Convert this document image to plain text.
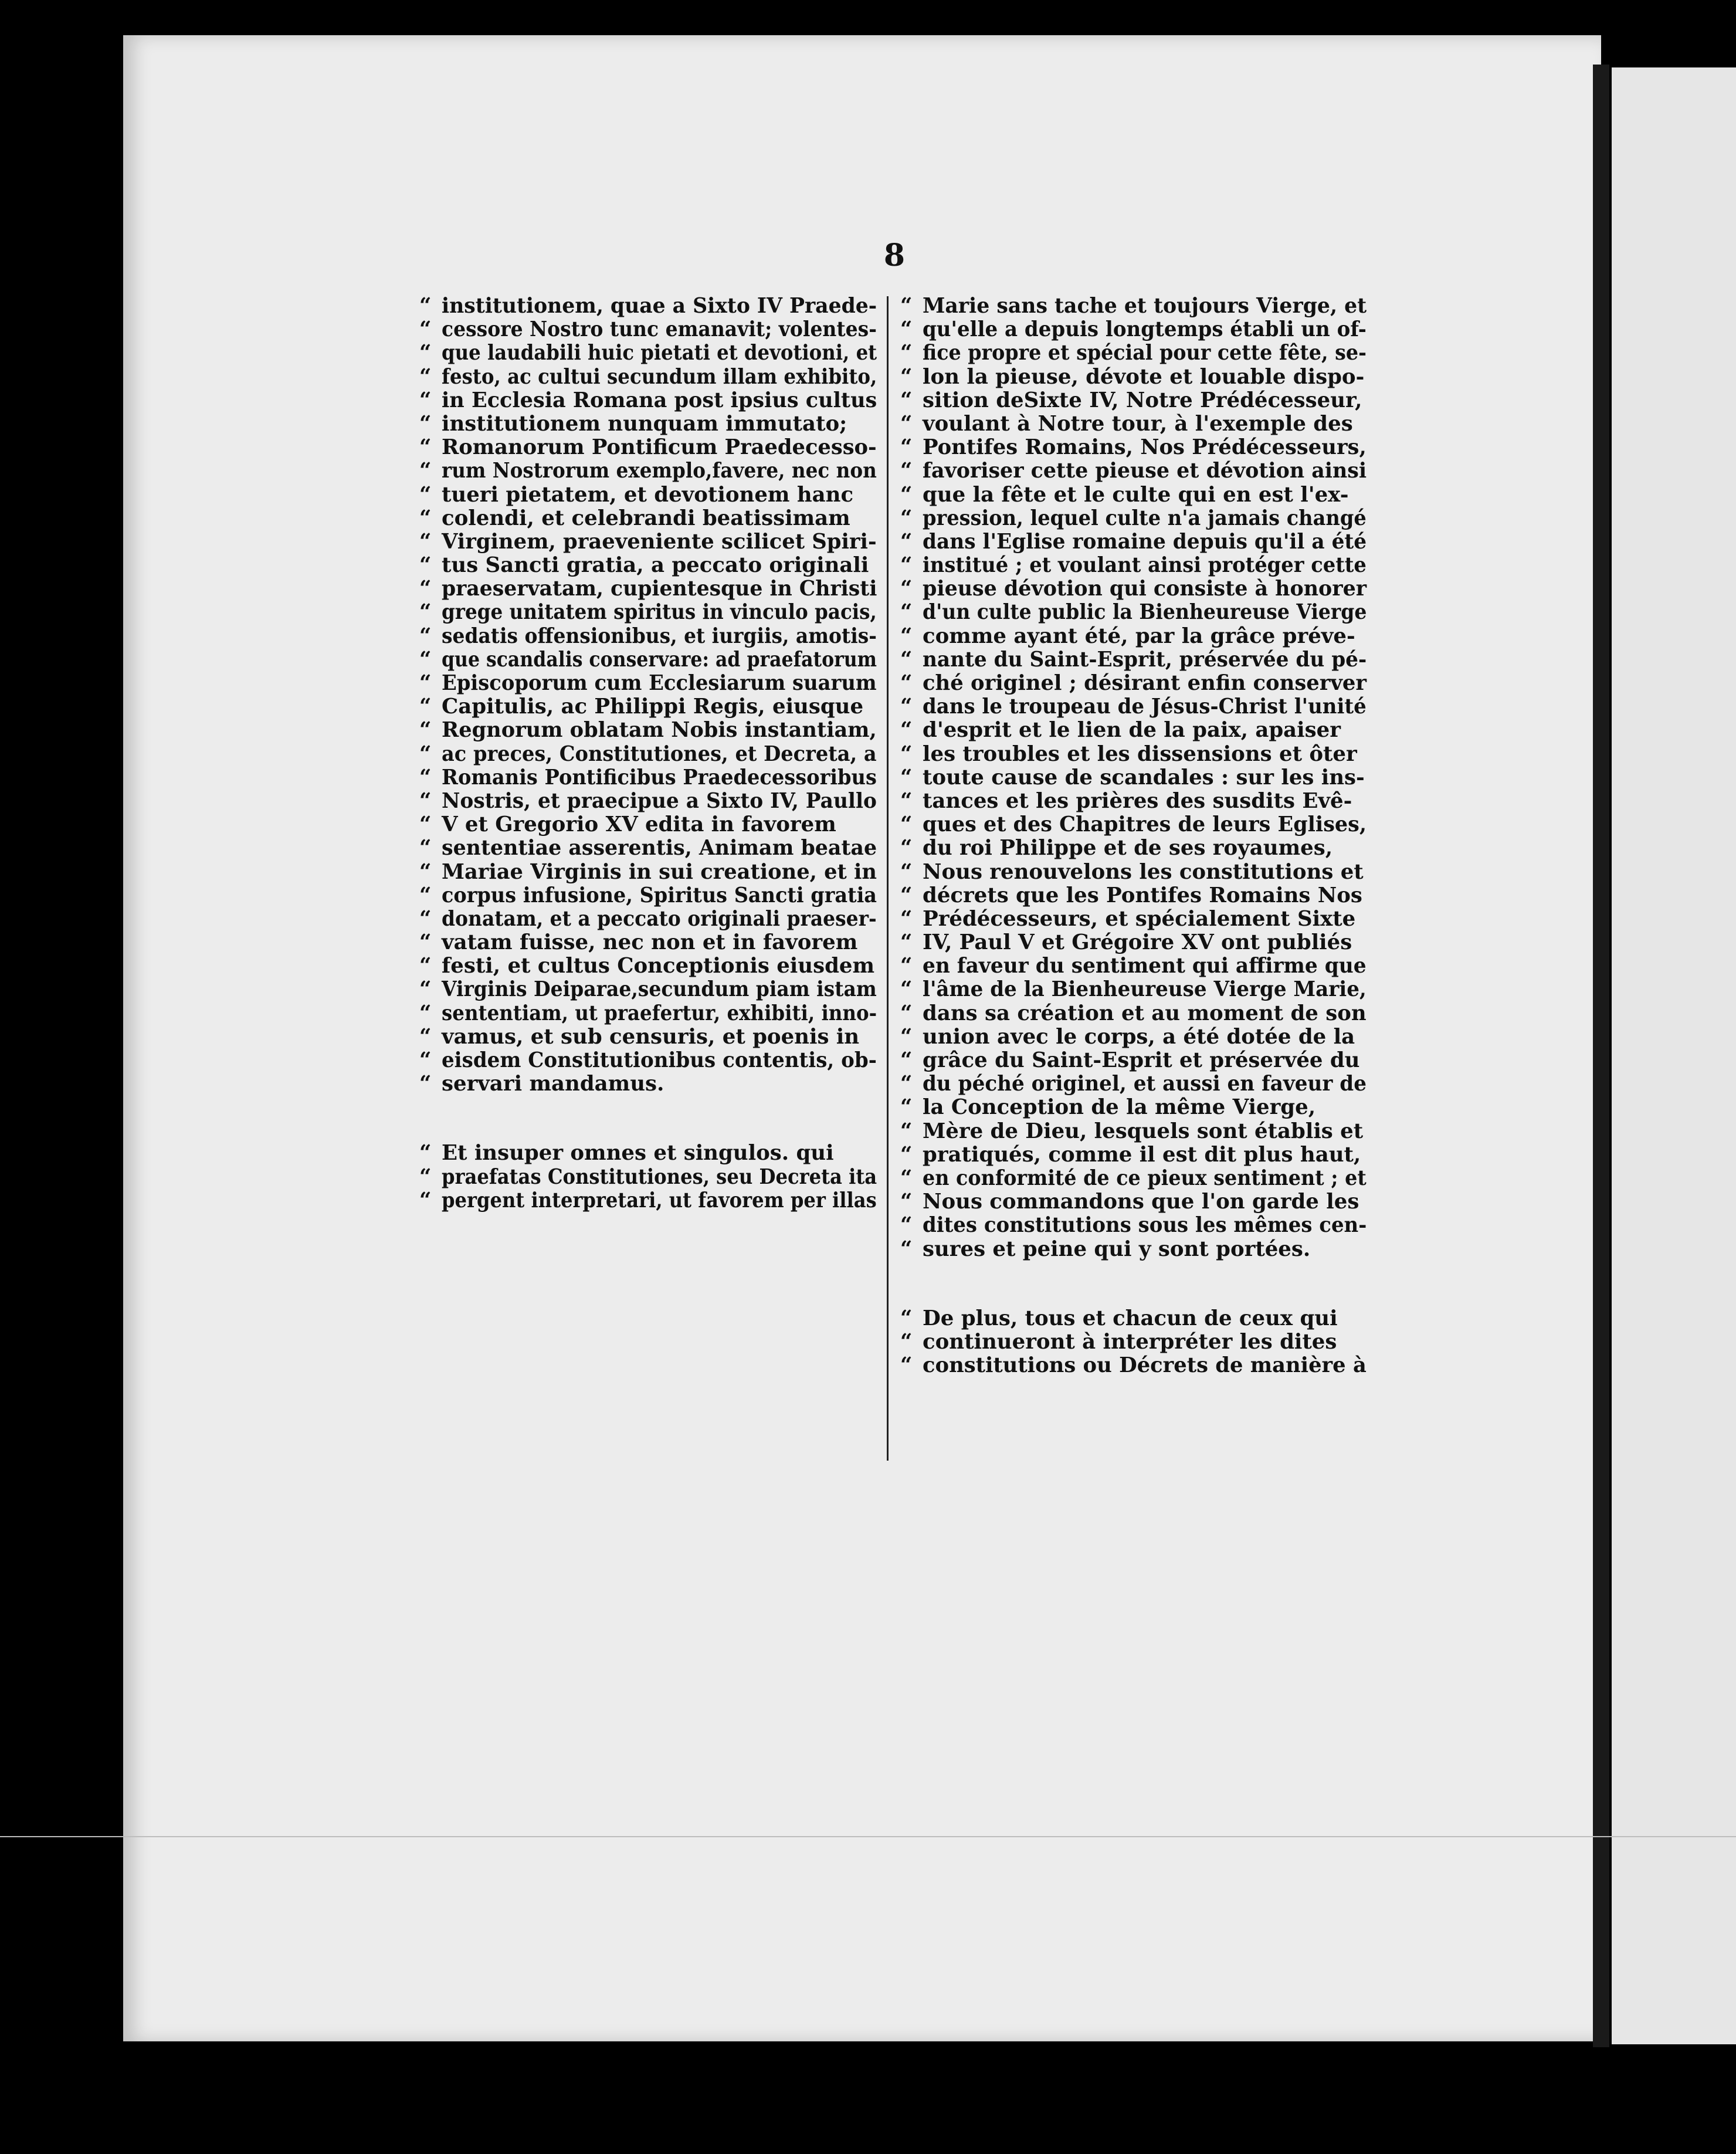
8
“ institutionem, quae a Sixto IV Praede-
“ cessore Nostro tunc emanavit; volentes-
“ que laudabili huic pietati et devotioni, et
“ festo, ac cultui secundum illam exhibito,
“ in Ecclesia Romana post ipsius cultus
“ institutionem nunquam immutato;
“ Romanorum Pontificum Praedecesso-
“ rum Nostrorum exemplo,favere, nec non
“ tueri pietatem, et devotionem hanc
“ colendi, et celebrandi beatissimam
“ Virginem, praeveniente scilicet Spiri-
“ tus Sancti gratia, a peccato originali
“ praeservatam, cupientesque in Christi
“ grege unitatem spiritus in vinculo pacis,
“ sedatis offensionibus, et iurgiis, amotis-
“ que scandalis conservare: ad praefatorum
“ Episcoporum cum Ecclesiarum suarum
“ Capitulis, ac Philippi Regis, eiusque
“ Regnorum oblatam Nobis instantiam,
“ ac preces, Constitutiones, et Decreta, a
“ Romanis Pontificibus Praedecessoribus
“ Nostris, et praecipue a Sixto IV, Paullo
“ V et Gregorio XV edita in favorem
“ sententiae asserentis, Animam beatae
“ Mariae Virginis in sui creatione, et in
“ corpus infusione, Spiritus Sancti gratia
“ donatam, et a peccato originali praeser-
“ vatam fuisse, nec non et in favorem
“ festi, et cultus Conceptionis eiusdem
“ Virginis Deiparae,secundum piam istam
“ sententiam, ut praefertur, exhibiti, inno-
“ vamus, et sub censuris, et poenis in
“ eisdem Constitutionibus contentis, ob-
“ servari mandamus.
“ Et insuper omnes et singulos. qui
“ praefatas Constitutiones, seu Decreta ita
“ pergent interpretari, ut favorem per illas
“ Marie sans tache et toujours Vierge, et
“ qu'elle a depuis longtemps établi un of-
“ fice propre et spécial pour cette fête, se-
“ lon la pieuse, dévote et louable dispo-
“ sition deSixte IV, Notre Prédécesseur,
“ voulant à Notre tour, à l'exemple des
“ Pontifes Romains, Nos Prédécesseurs,
“ favoriser cette pieuse et dévotion ainsi
“ que la fête et le culte qui en est l'ex-
“ pression, lequel culte n'a jamais changé
“ dans l'Eglise romaine depuis qu'il a été
“ institué ; et voulant ainsi protéger cette
“ pieuse dévotion qui consiste à honorer
“ d'un culte public la Bienheureuse Vierge
“ comme ayant été, par la grâce préve-
“ nante du Saint-Esprit, préservée du pé-
“ ché originel ; désirant enfin conserver
“ dans le troupeau de Jésus-Christ l'unité
“ d'esprit et le lien de la paix, apaiser
“ les troubles et les dissensions et ôter
“ toute cause de scandales : sur les ins-
“ tances et les prières des susdits Evê-
“ ques et des Chapitres de leurs Eglises,
“ du roi Philippe et de ses royaumes,
“ Nous renouvelons les constitutions et
“ décrets que les Pontifes Romains Nos
“ Prédécesseurs, et spécialement Sixte
“ IV, Paul V et Grégoire XV ont publiés
“ en faveur du sentiment qui affirme que
“ l'âme de la Bienheureuse Vierge Marie,
“ dans sa création et au moment de son
“ union avec le corps, a été dotée de la
“ grâce du Saint-Esprit et préservée du
“ du péché originel, et aussi en faveur de
“ la Conception de la même Vierge,
“ Mère de Dieu, lesquels sont établis et
“ pratiqués, comme il est dit plus haut,
“ en conformité de ce pieux sentiment ; et
“ Nous commandons que l'on garde les
“ dites constitutions sous les mêmes cen-
“ sures et peine qui y sont portées.
“ De plus, tous et chacun de ceux qui
“ continueront à interpréter les dites
“ constitutions ou Décrets de manière à
